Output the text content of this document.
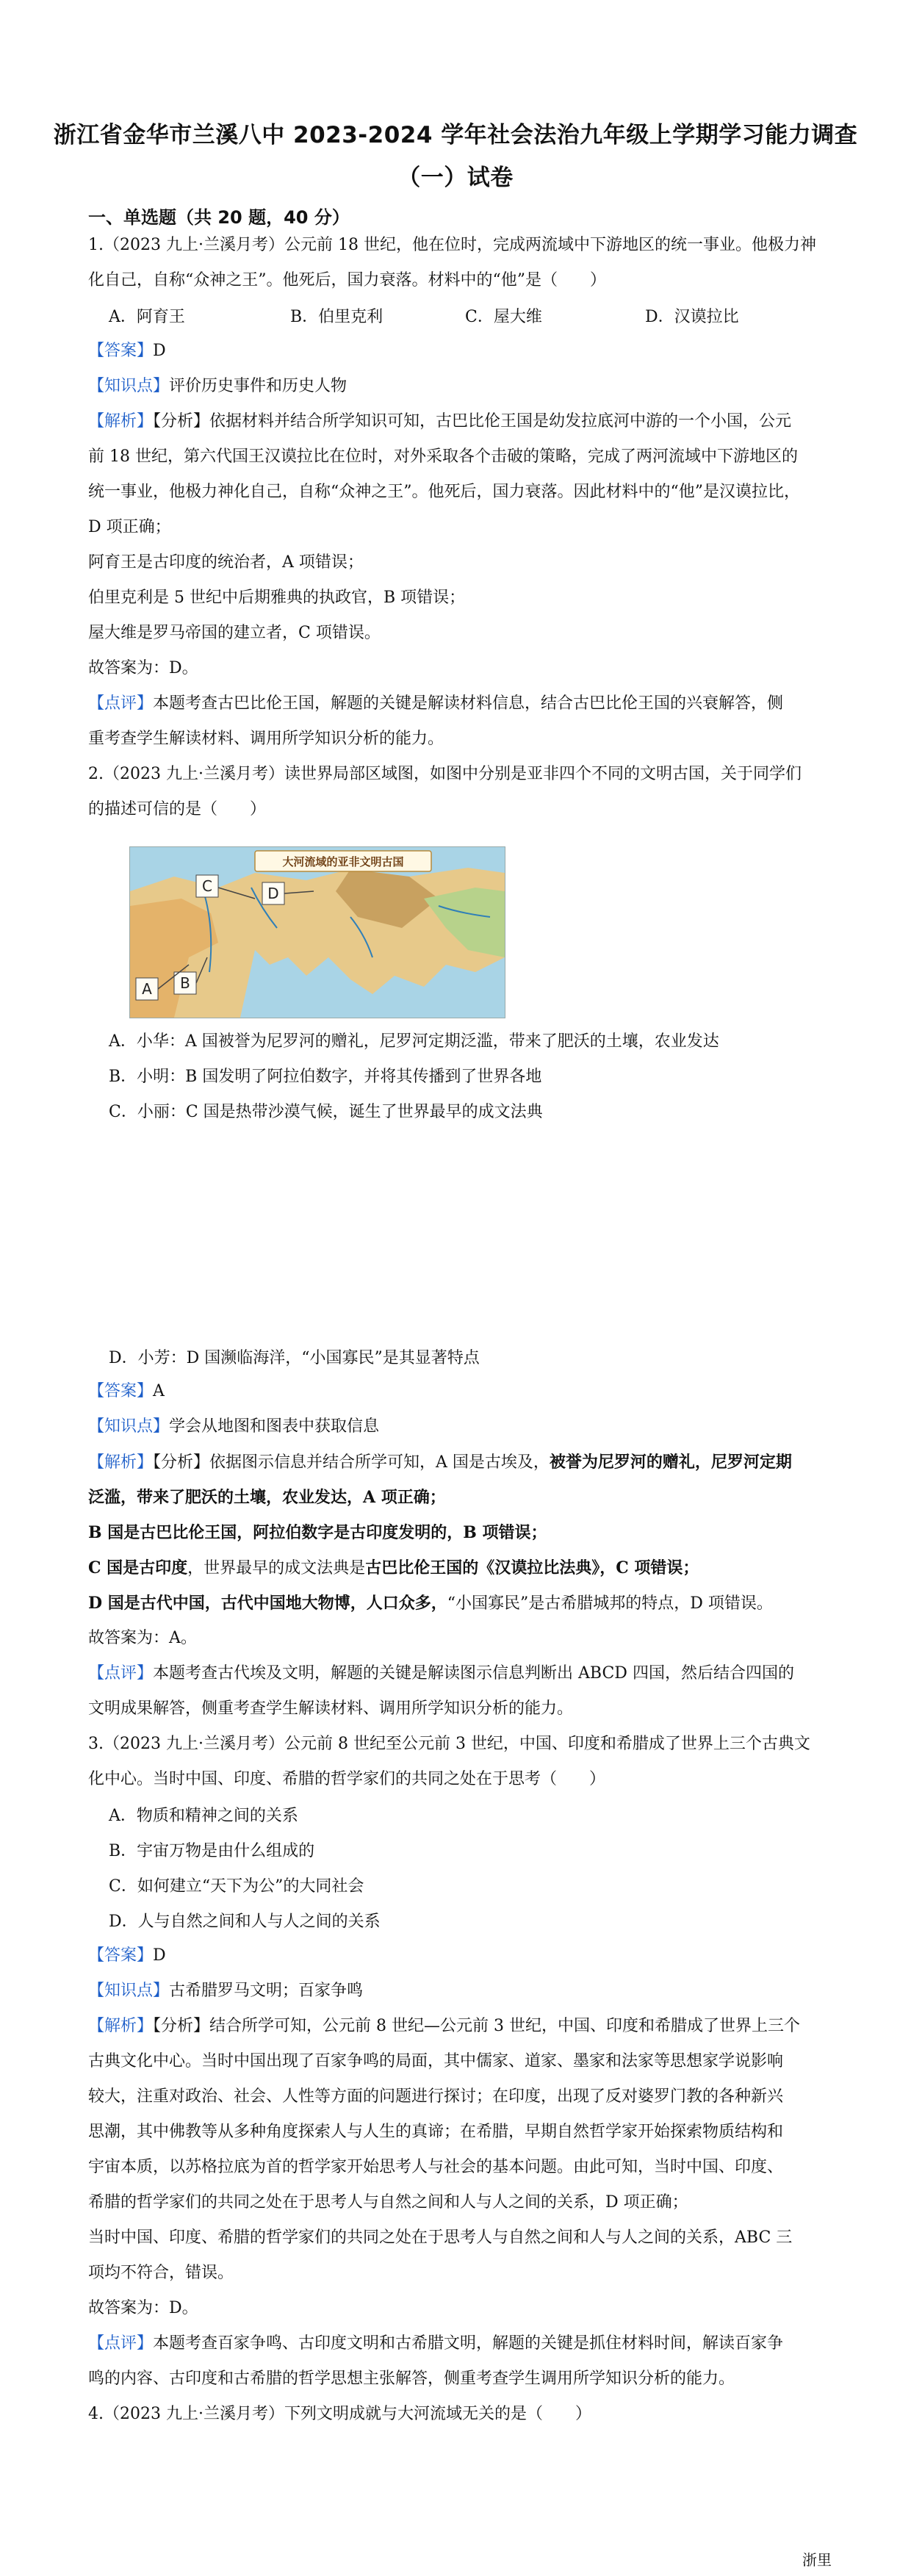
浙江省金华市兰溪八中 2023-2024 学年社会法治九年级上学期学习能力调查
（一）试卷
一、单选题（共 20 题，40 分）
1.（2023 九上·兰溪月考）公元前 18 世纪，他在位时，完成两流域中下游地区的统一事业。他极力神
化自己，自称“众神之王”。他死后，国力衰落。材料中的“他”是（　　）
A．阿育王	B．伯里克利	C．屋大维	D．汉谟拉比
【答案】D
【知识点】评价历史事件和历史人物
【解析】【分析】依据材料并结合所学知识可知，古巴比伦王国是幼发拉底河中游的一个小国，公元
前 18 世纪，第六代国王汉谟拉比在位时，对外采取各个击破的策略，完成了两河流域中下游地区的
统一事业，他极力神化自己，自称“众神之王”。他死后，国力衰落。因此材料中的“他”是汉谟拉比，
D 项正确；
阿育王是古印度的统治者，A 项错误；
伯里克利是 5 世纪中后期雅典的执政官，B 项错误；
屋大维是罗马帝国的建立者，C 项错误。
故答案为：D。
【点评】本题考查古巴比伦王国，解题的关键是解读材料信息，结合古巴比伦王国的兴衰解答，侧
重考查学生解读材料、调用所学知识分析的能力。
2.（2023 九上·兰溪月考）读世界局部区域图，如图中分别是亚非四个不同的文明古国，关于同学们
的描述可信的是（　　）
大河流域的亚非文明古国
A B
C	D
A．小华：A 国被誉为尼罗河的赠礼，尼罗河定期泛滥，带来了肥沃的土壤，农业发达
B．小明：B 国发明了阿拉伯数字，并将其传播到了世界各地
C．小丽：C 国是热带沙漠气候，诞生了世界最早的成文法典
D．小芳：D 国濒临海洋，“小国寡民”是其显著特点
【答案】A
【知识点】学会从地图和图表中获取信息
【解析】【分析】依据图示信息并结合所学可知，A 国是古埃及，被誉为尼罗河的赠礼，尼罗河定期
泛滥，带来了肥沃的土壤，农业发达，A 项正确；
B 国是古巴比伦王国，阿拉伯数字是古印度发明的，B 项错误；
C 国是古印度，世界最早的成文法典是古巴比伦王国的《汉谟拉比法典》，C 项错误；
D 国是古代中国，古代中国地大物博，人口众多，“小国寡民”是古希腊城邦的特点，D 项错误。
故答案为：A。
【点评】本题考查古代埃及文明，解题的关键是解读图示信息判断出 ABCD 四国，然后结合四国的
文明成果解答，侧重考查学生解读材料、调用所学知识分析的能力。
3.（2023 九上·兰溪月考）公元前 8 世纪至公元前 3 世纪，中国、印度和希腊成了世界上三个古典文
化中心。当时中国、印度、希腊的哲学家们的共同之处在于思考（　　）
A．物质和精神之间的关系
B．宇宙万物是由什么组成的
C．如何建立“天下为公”的大同社会
D．人与自然之间和人与人之间的关系
【答案】D
【知识点】古希腊罗马文明；百家争鸣
【解析】【分析】结合所学可知，公元前 8 世纪—公元前 3 世纪，中国、印度和希腊成了世界上三个
古典文化中心。当时中国出现了百家争鸣的局面，其中儒家、道家、墨家和法家等思想家学说影响
较大，注重对政治、社会、人性等方面的问题进行探讨；在印度，出现了反对婆罗门教的各种新兴
思潮，其中佛教等从多种角度探索人与人生的真谛；在希腊，早期自然哲学家开始探索物质结构和
宇宙本质，以苏格拉底为首的哲学家开始思考人与社会的基本问题。由此可知，当时中国、印度、
希腊的哲学家们的共同之处在于思考人与自然之间和人与人之间的关系，D 项正确；
当时中国、印度、希腊的哲学家们的共同之处在于思考人与自然之间和人与人之间的关系，ABC 三
项均不符合，错误。
故答案为：D。
【点评】本题考查百家争鸣、古印度文明和古希腊文明，解题的关键是抓住材料时间，解读百家争
鸣的内容、古印度和古希腊的哲学思想主张解答，侧重考查学生调用所学知识分析的能力。
4.（2023 九上·兰溪月考）下列文明成就与大河流域无关的是（　　）
浙里
